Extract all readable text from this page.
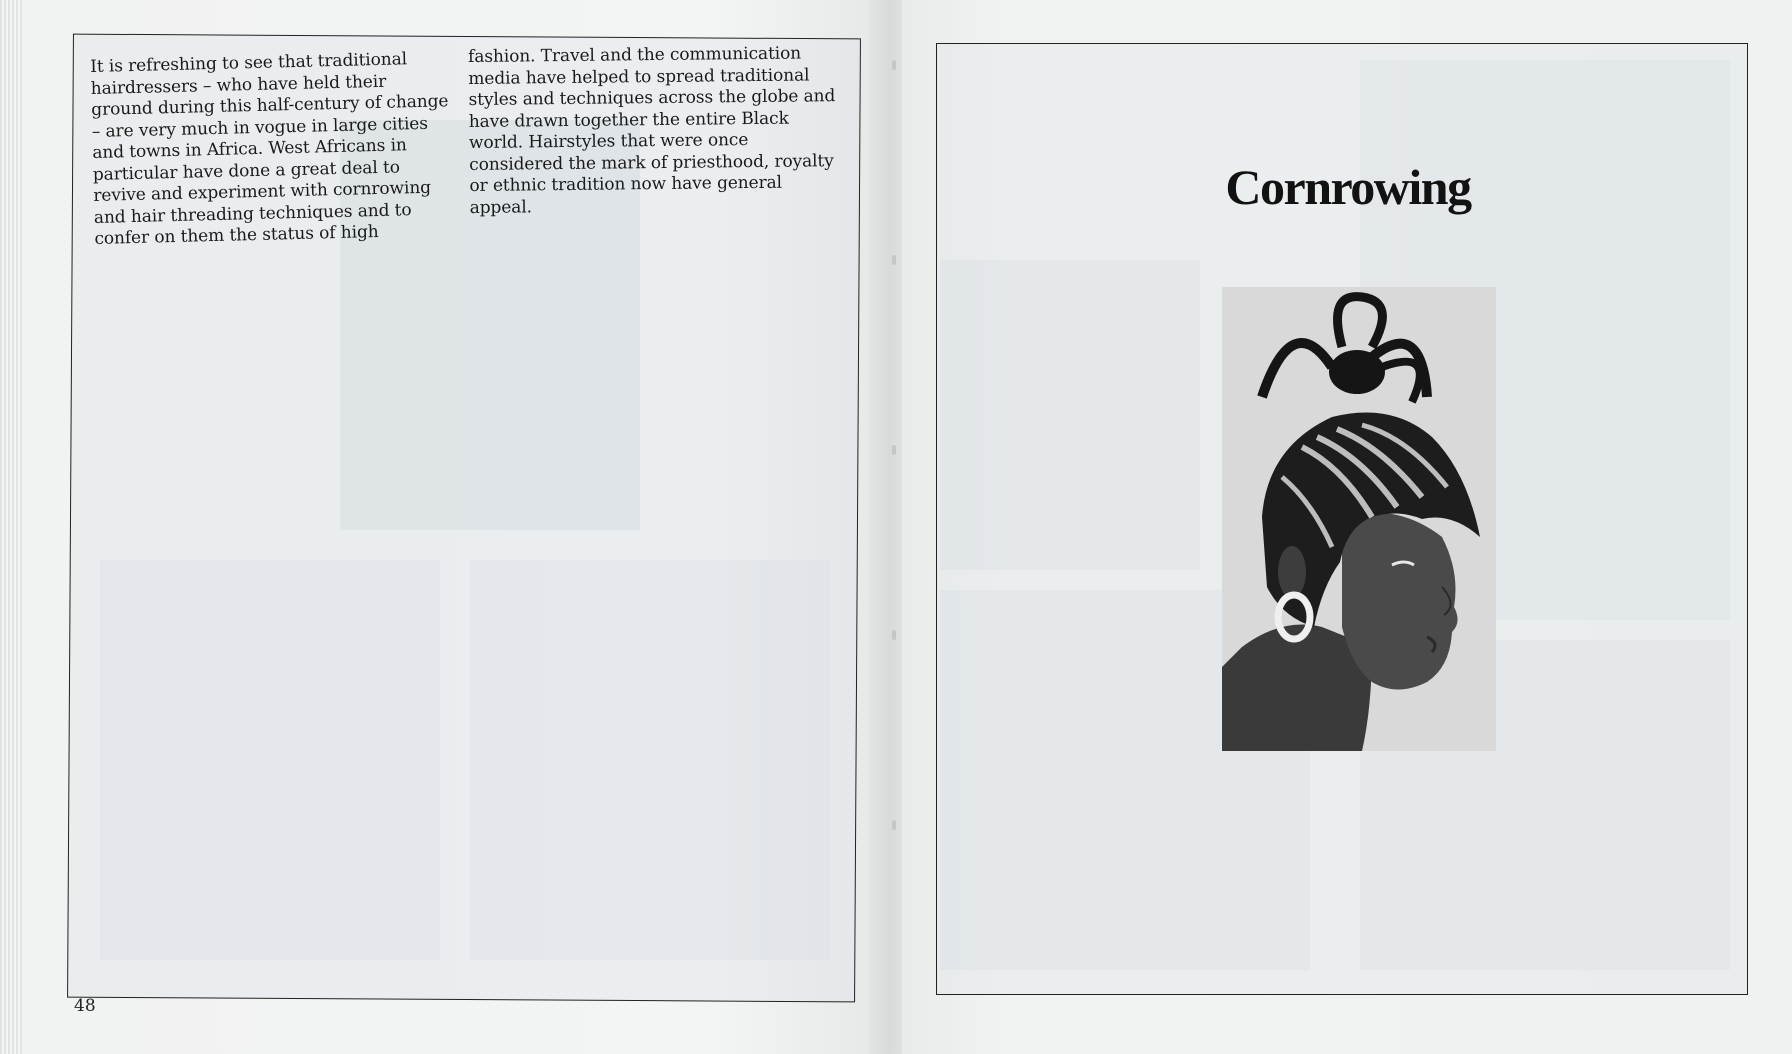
It is refreshing to see that traditional hairdressers – who have held their ground during this half-century of change – are very much in vogue in large cities and towns in Africa. West Africans in particular have done a great deal to revive and experiment with cornrowing and hair threading techniques and to confer on them the status of high
fashion. Travel and the communication media have helped to spread traditional styles and techniques across the globe and have drawn together the entire Black world. Hairstyles that were once considered the mark of priesthood, royalty or ethnic tradition now have general appeal.
48
Cornrowing
